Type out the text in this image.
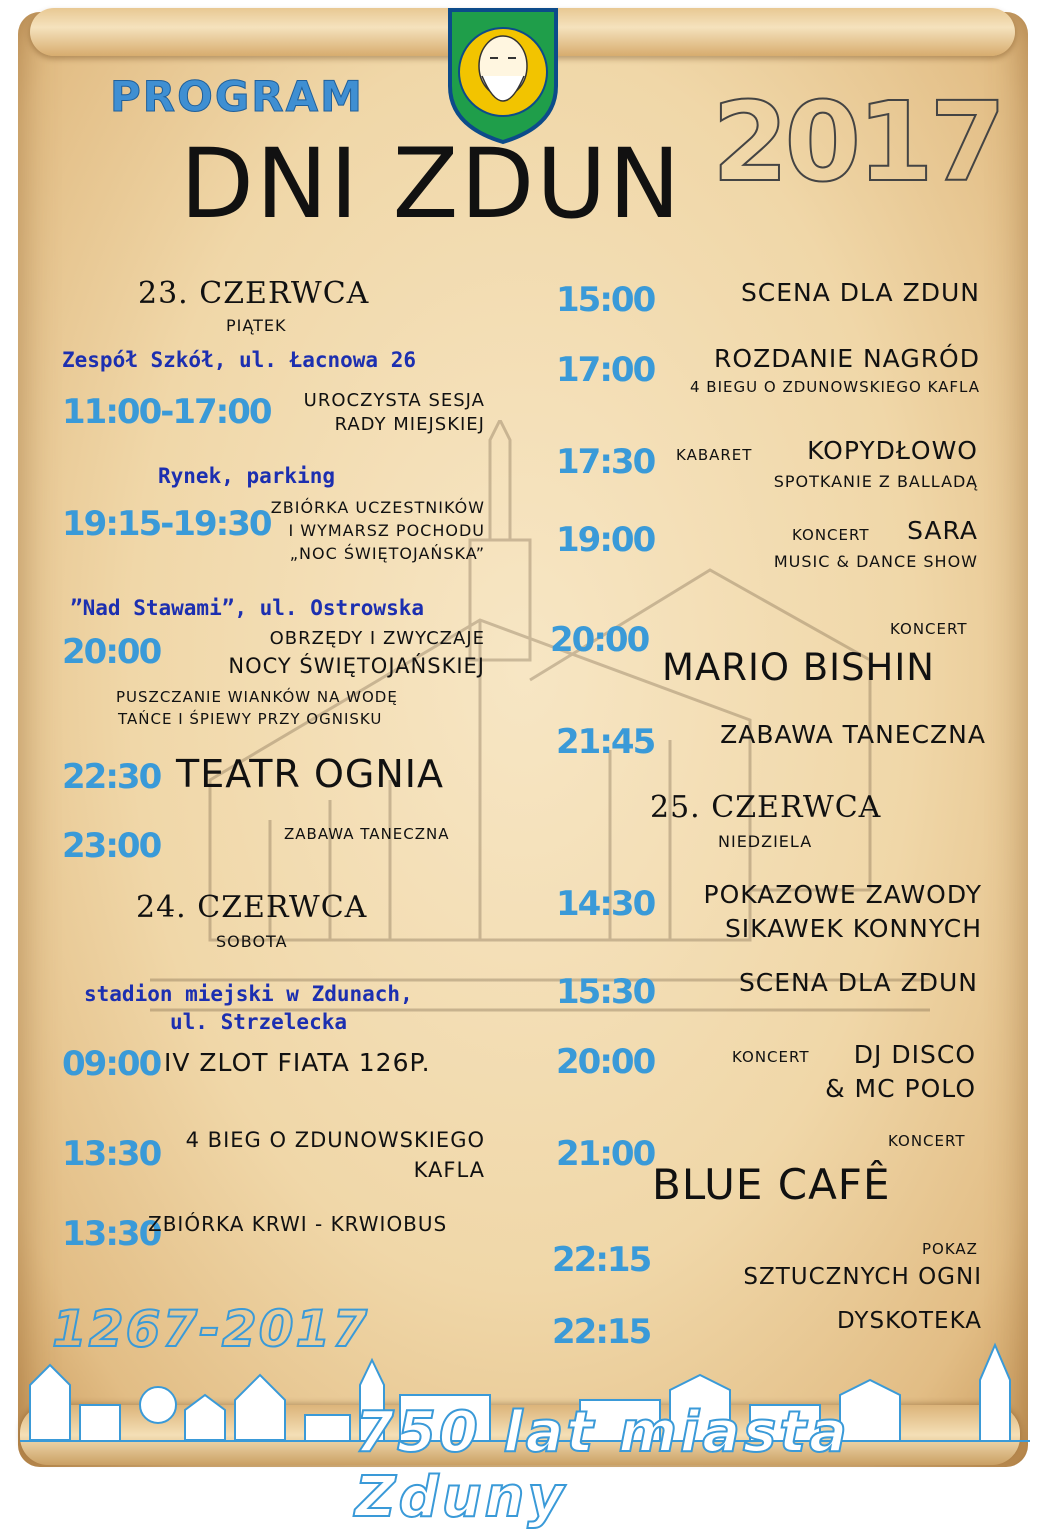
PROGRAM	2017
DNI ZDUN
23. CZERWCA
PIĄTEK
Zespół Szkół, ul. Łacnowa 26
11:00-17:00	UROCZYSTA SESJA
RADY MIEJSKIEJ
Rynek, parking
19:15-19:30 ZBIÓRKA UCZESTNIKÓW
I WYMARSZ POCHODU
„NOC ŚWIĘTOJAŃSKA”
”Nad Stawami”, ul. Ostrowska
20:00	OBRZĘDY I ZWYCZAJE
NOCY ŚWIĘTOJAŃSKIEJ
PUSZCZANIE WIANKÓW NA WODĘ
TAŃCE I ŚPIEWY PRZY OGNISKU
22:30 TEATR OGNIA
23:00	ZABAWA TANECZNA
24. CZERWCA
SOBOTA
stadion miejski w Zdunach,
ul. Strzelecka
09:00 IV ZLOT FIATA 126P.
13:30	4 BIEG O ZDUNOWSKIEGO
KAFLA
13:30
ZBIÓRKA KRWI - KRWIOBUS
15:00	SCENA DLA ZDUN
17:00	ROZDANIE NAGRÓD
4 BIEGU O ZDUNOWSKIEGO KAFLA
17:30 KABARET	KOPYDŁOWO
SPOTKANIE Z BALLADĄ
19:00	KONCERT	SARA
MUSIC & DANCE SHOW
20:00	KONCERT
MARIO BISHIN
21:45	ZABAWA TANECZNA
25. CZERWCA
NIEDZIELA
14:30	POKAZOWE ZAWODY
SIKAWEK KONNYCH
15:30	SCENA DLA ZDUN
20:00	KONCERT	DJ DISCO
& MC POLO
21:00	KONCERT
BLUE CAFÊ
22:15	POKAZ
SZTUCZNYCH OGNI
22:15	DYSKOTEKA
1267-2017
750 lat miasta Zduny
